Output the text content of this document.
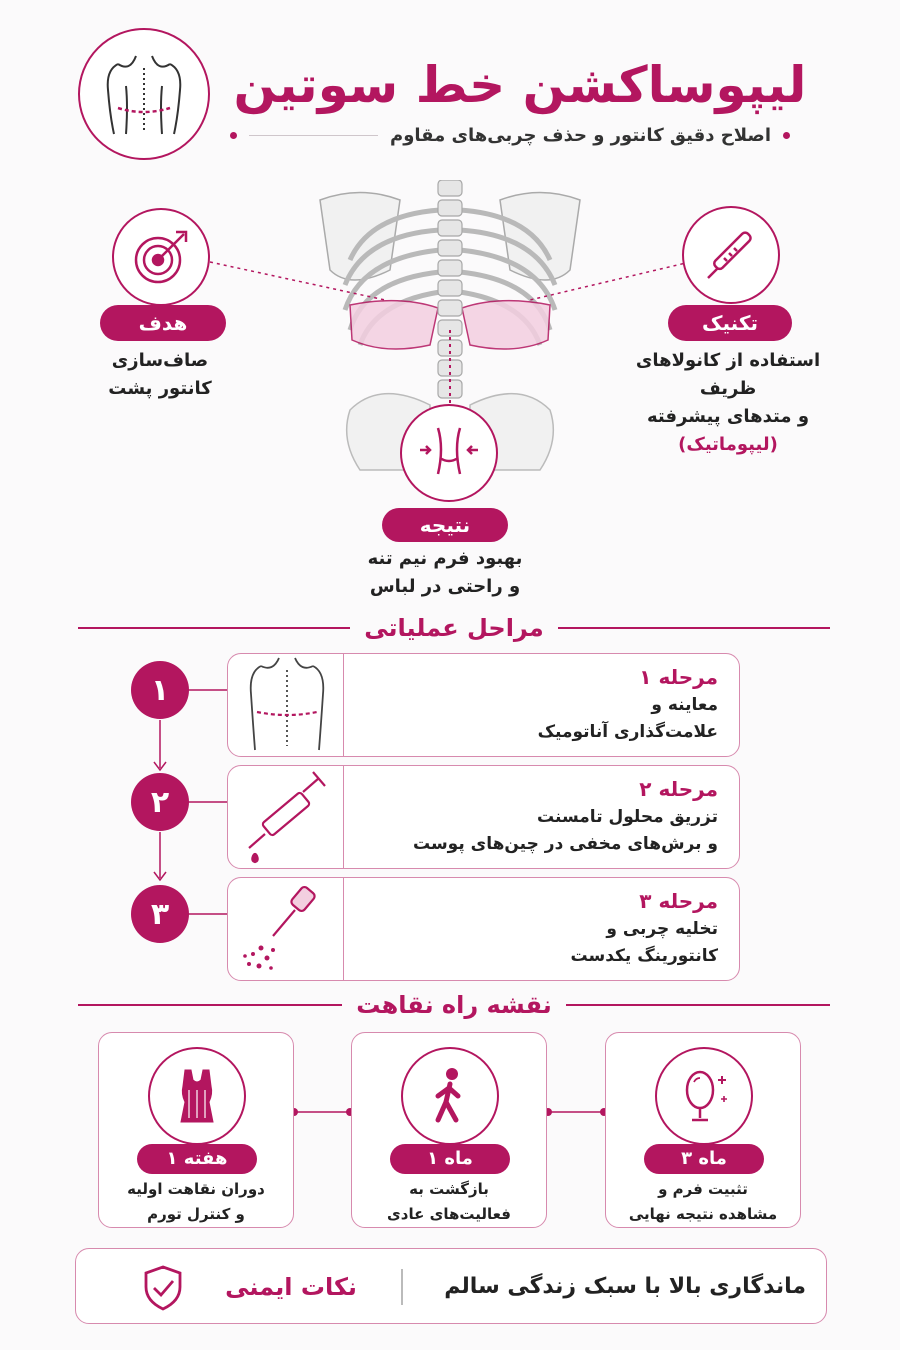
لیپوساکشن خط سوتین
اصلاح دقیق کانتور و حذف چربی‌های مقاوم
هدف
صاف‌سازی
کانتور پشت
تکنیک
استفاده از کانولاهای ظریف
و متدهای پیشرفته
(لیپوماتیک)
نتیجه
بهبود فرم نیم تنه
و راحتی در لباس
مراحل عملیاتی
۱	مرحله ۱
معاینه و
علامت‌گذاری آناتومیک
۲	مرحله ۲
تزریق محلول تامسنت
و برش‌های مخفی در چین‌های پوست
۳	مرحله ۳
تخلیه چربی و
کانتورینگ یکدست
نقشه راه نقاهت
هفته ۱
دوران نقاهت اولیه
و کنترل تورم
ماه ۱
بازگشت به
فعالیت‌های عادی
ماه ۳
تثبیت فرم و
مشاهده نتیجه نهایی
ماندگاری بالا با سبک زندگی سالم
نکات ایمنی
